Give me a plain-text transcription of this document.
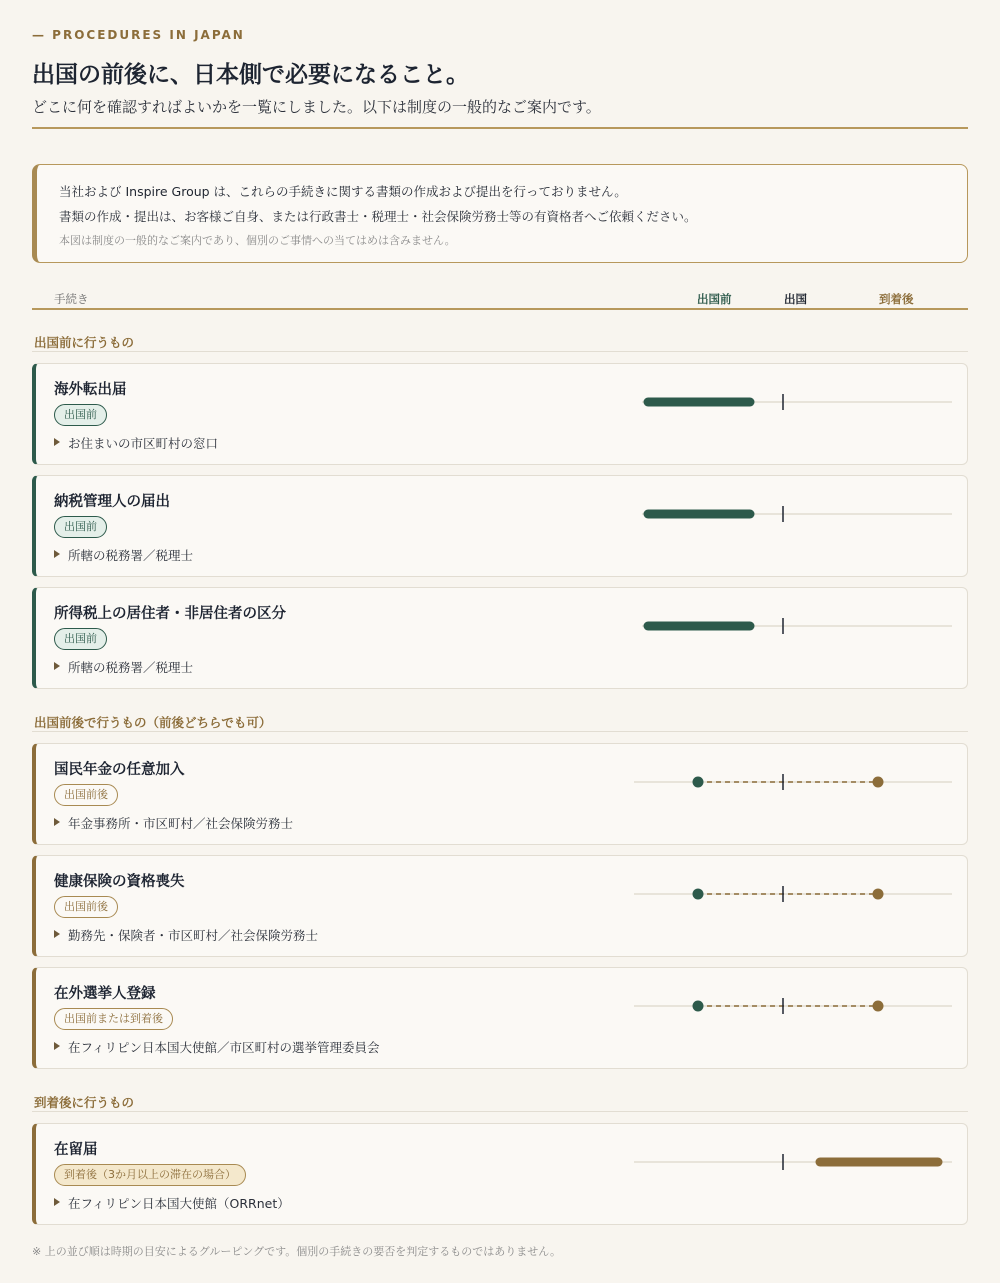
— PROCEDURES IN JAPAN
出国の前後に、日本側で必要になること。

どこに何を確認すればよいかを一覧にしました。以下は制度の一般的なご案内です。

当社および Inspire Group は、これらの手続きに関する書類の作成および提出を行っておりません。
書類の作成・提出は、お客様ご自身、または行政書士・税理士・社会保険労務士等の有資格者へご依頼ください。
本図は制度の一般的なご案内であり、個別のご事情への当てはめは含みません。
手続き	出国前	出国	到着後
出国前に行うもの
海外転出届
出国前
お住まいの市区町村の窓口
納税管理人の届出
出国前
所轄の税務署／税理士
所得税上の居住者・非居住者の区分
出国前
所轄の税務署／税理士
出国前後で行うもの（前後どちらでも可）
国民年金の任意加入
出国前後
年金事務所・市区町村／社会保険労務士
健康保険の資格喪失
出国前後
勤務先・保険者・市区町村／社会保険労務士
在外選挙人登録
出国前または到着後
在フィリピン日本国大使館／市区町村の選挙管理委員会
到着後に行うもの
在留届
到着後（3か月以上の滞在の場合）
在フィリピン日本国大使館（ORRnet）
※ 上の並び順は時期の目安によるグルーピングです。個別の手続きの要否を判定するものではありません。
